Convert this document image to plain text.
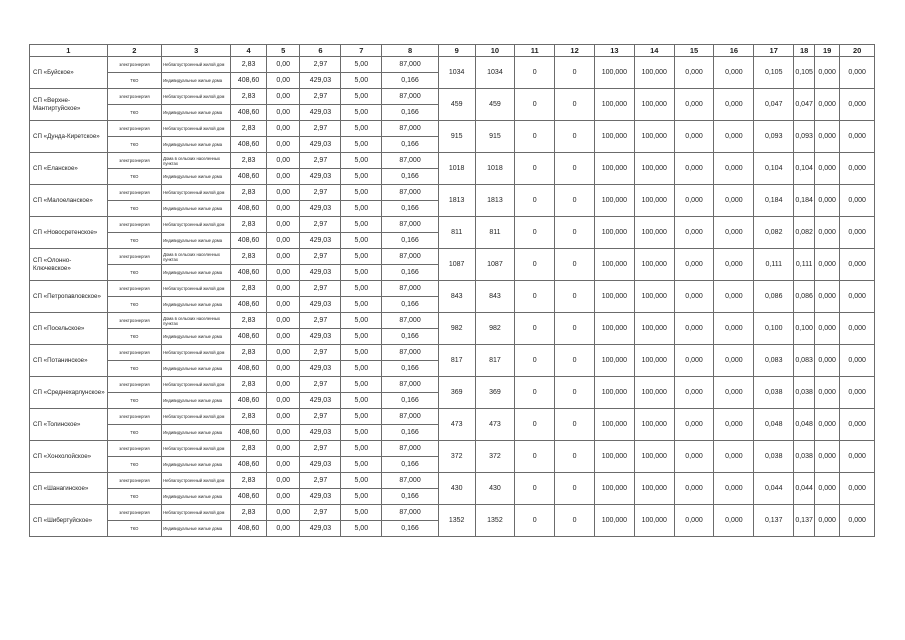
1	2	3	4	5	6	7	8	9	10	11	12	13	14	15	16	17	18	19	20
СП «Буйское»	электроэнергия	Неблагоустроенный жилой дом	2,83	0,00	2,97	5,00	87,000	1034	1034	0	0	100,000	100,000	0,000	0,000	0,105	0,105	0,000	0,000
	ТКО	Индивидуальные жилые дома	408,60	0,00	429,03	5,00	0,166												
СП «Верхне-Мантиртуйское»	электроэнергия	Неблагоустроенный жилой дом	2,83	0,00	2,97	5,00	87,000	459	459	0	0	100,000	100,000	0,000	0,000	0,047	0,047	0,000	0,000
	ТКО	Индивидуальные жилые дома	408,60	0,00	429,03	5,00	0,166												
СП «Дунда-Киретское»	электроэнергия	Неблагоустроенный жилой дом	2,83	0,00	2,97	5,00	87,000	915	915	0	0	100,000	100,000	0,000	0,000	0,093	0,093	0,000	0,000
	ТКО	Индивидуальные жилые дома	408,60	0,00	429,03	5,00	0,166												
СП «Еланское»	электроэнергия	Дома в сельских населенных пунктах	2,83	0,00	2,97	5,00	87,000	1018	1018	0	0	100,000	100,000	0,000	0,000	0,104	0,104	0,000	0,000
	ТКО	Индивидуальные жилые дома	408,60	0,00	429,03	5,00	0,166												
СП «Малоеланское»	электроэнергия	Неблагоустроенный жилой дом	2,83	0,00	2,97	5,00	87,000	1813	1813	0	0	100,000	100,000	0,000	0,000	0,184	0,184	0,000	0,000
	ТКО	Индивидуальные жилые дома	408,60	0,00	429,03	5,00	0,166												
СП «Новосретенское»	электроэнергия	Неблагоустроенный жилой дом	2,83	0,00	2,97	5,00	87,000	811	811	0	0	100,000	100,000	0,000	0,000	0,082	0,082	0,000	0,000
	ТКО	Индивидуальные жилые дома	408,60	0,00	429,03	5,00	0,166												
СП «Олонно-Ключевское»	электроэнергия	Дома в сельских населенных пунктах	2,83	0,00	2,97	5,00	87,000	1087	1087	0	0	100,000	100,000	0,000	0,000	0,111	0,111	0,000	0,000
	ТКО	Индивидуальные жилые дома	408,60	0,00	429,03	5,00	0,166												
СП «Петропавловское»	электроэнергия	Неблагоустроенный жилой дом	2,83	0,00	2,97	5,00	87,000	843	843	0	0	100,000	100,000	0,000	0,000	0,086	0,086	0,000	0,000
	ТКО	Индивидуальные жилые дома	408,60	0,00	429,03	5,00	0,166												
СП «Посельское»	электроэнергия	Дома в сельских населенных пунктах	2,83	0,00	2,97	5,00	87,000	982	982	0	0	100,000	100,000	0,000	0,000	0,100	0,100	0,000	0,000
	ТКО	Индивидуальные жилые дома	408,60	0,00	429,03	5,00	0,166												
СП «Потанинское»	электроэнергия	Неблагоустроенный жилой дом	2,83	0,00	2,97	5,00	87,000	817	817	0	0	100,000	100,000	0,000	0,000	0,083	0,083	0,000	0,000
	ТКО	Индивидуальные жилые дома	408,60	0,00	429,03	5,00	0,166												
СП «Среднехарлунское»	электроэнергия	Неблагоустроенный жилой дом	2,83	0,00	2,97	5,00	87,000	369	369	0	0	100,000	100,000	0,000	0,000	0,038	0,038	0,000	0,000
	ТКО	Индивидуальные жилые дома	408,60	0,00	429,03	5,00	0,166												
СП «Толинское»	электроэнергия	Неблагоустроенный жилой дом	2,83	0,00	2,97	5,00	87,000	473	473	0	0	100,000	100,000	0,000	0,000	0,048	0,048	0,000	0,000
	ТКО	Индивидуальные жилые дома	408,60	0,00	429,03	5,00	0,166												
СП «Хонхолойское»	электроэнергия	Неблагоустроенный жилой дом	2,83	0,00	2,97	5,00	87,000	372	372	0	0	100,000	100,000	0,000	0,000	0,038	0,038	0,000	0,000
	ТКО	Индивидуальные жилые дома	408,60	0,00	429,03	5,00	0,166												
СП «Шанагинское»	электроэнергия	Неблагоустроенный жилой дом	2,83	0,00	2,97	5,00	87,000	430	430	0	0	100,000	100,000	0,000	0,000	0,044	0,044	0,000	0,000
	ТКО	Индивидуальные жилые дома	408,60	0,00	429,03	5,00	0,166												
СП «Шибертуйское»	электроэнергия	Неблагоустроенный жилой дом	2,83	0,00	2,97	5,00	87,000	1352	1352	0	0	100,000	100,000	0,000	0,000	0,137	0,137	0,000	0,000
	ТКО	Индивидуальные жилые дома	408,60	0,00	429,03	5,00	0,166												
